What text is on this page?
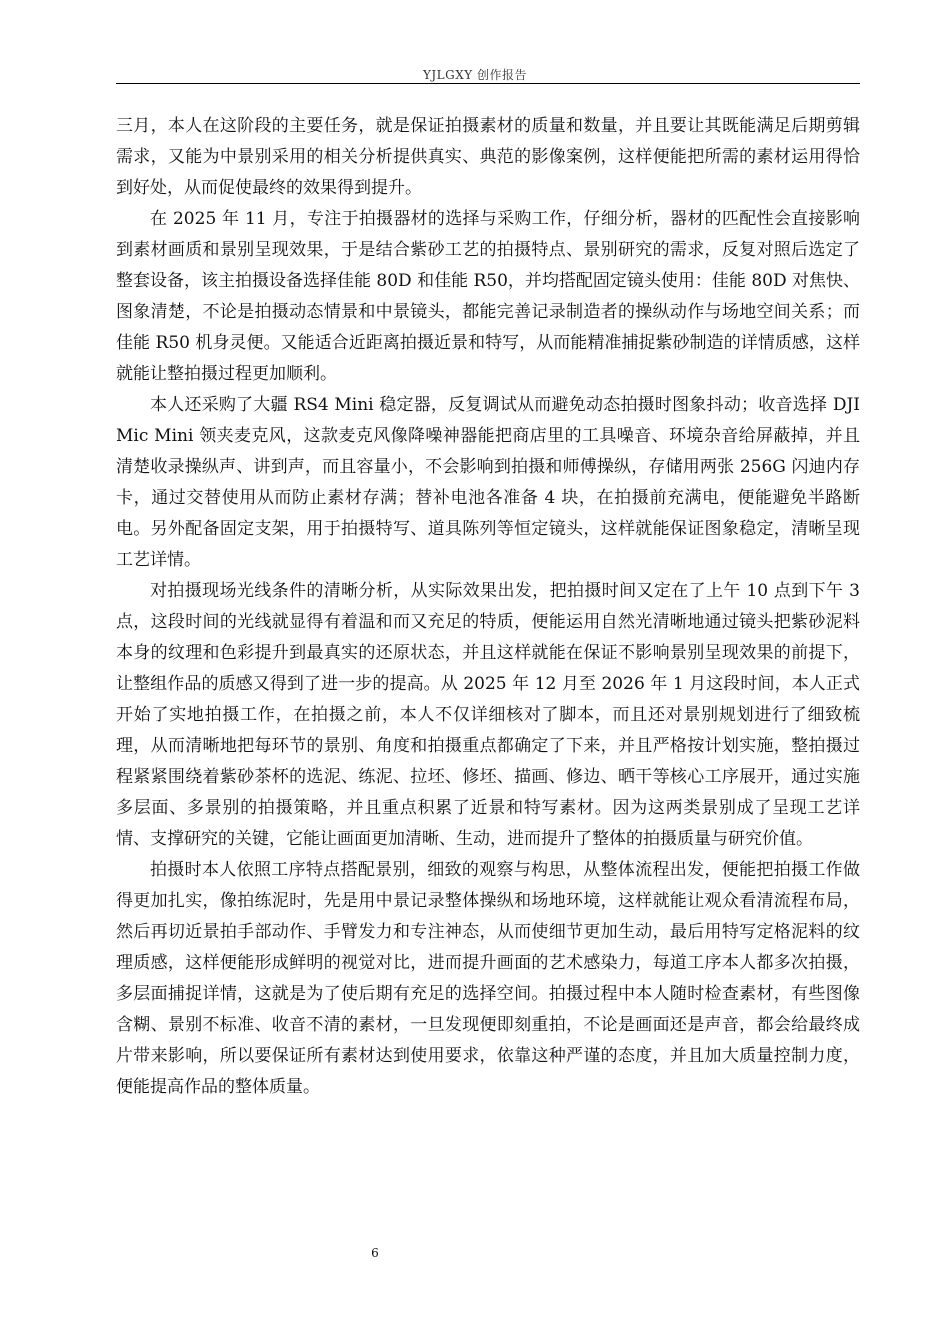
YJLGXY 创作报告

三月，本人在这阶段的主要任务，就是保证拍摄素材的质量和数量，并且要让其既能满足后期剪辑需求，又能为中景别采用的相关分析提供真实、典范的影像案例，这样便能把所需的素材运用得恰到好处，从而促使最终的效果得到提升。

在 2025 年 11 月，专注于拍摄器材的选择与采购工作，仔细分析，器材的匹配性会直接影响到素材画质和景别呈现效果，于是结合紫砂工艺的拍摄特点、景别研究的需求，反复对照后选定了整套设备，该主拍摄设备选择佳能 80D 和佳能 R50，并均搭配固定镜头使用：佳能 80D 对焦快、图象清楚，不论是拍摄动态情景和中景镜头，都能完善记录制造者的操纵动作与场地空间关系；而佳能 R50 机身灵便。又能适合近距离拍摄近景和特写，从而能精准捕捉紫砂制造的详情质感，这样就能让整拍摄过程更加顺利。

本人还采购了大疆 RS4 Mini 稳定器，反复调试从而避免动态拍摄时图象抖动；收音选择 DJI Mic Mini 领夹麦克风，这款麦克风像降噪神器能把商店里的工具噪音、环境杂音给屏蔽掉，并且清楚收录操纵声、讲到声，而且容量小，不会影响到拍摄和师傅操纵，存储用两张 256G 闪迪内存卡，通过交替使用从而防止素材存满；替补电池各准备 4 块，在拍摄前充满电，便能避免半路断电。另外配备固定支架，用于拍摄特写、道具陈列等恒定镜头，这样就能保证图象稳定，清晰呈现工艺详情。

对拍摄现场光线条件的清晰分析，从实际效果出发，把拍摄时间又定在了上午 10 点到下午 3 点，这段时间的光线就显得有着温和而又充足的特质，便能运用自然光清晰地通过镜头把紫砂泥料本身的纹理和色彩提升到最真实的还原状态，并且这样就能在保证不影响景别呈现效果的前提下，让整组作品的质感又得到了进一步的提高。从 2025 年 12 月至 2026 年 1 月这段时间，本人正式开始了实地拍摄工作，在拍摄之前，本人不仅详细核对了脚本，而且还对景别规划进行了细致梳理，从而清晰地把每环节的景别、角度和拍摄重点都确定了下来，并且严格按计划实施，整拍摄过程紧紧围绕着紫砂茶杯的选泥、练泥、拉坯、修坯、描画、修边、晒干等核心工序展开，通过实施多层面、多景别的拍摄策略，并且重点积累了近景和特写素材。因为这两类景别成了呈现工艺详情、支撑研究的关键，它能让画面更加清晰、生动，进而提升了整体的拍摄质量与研究价值。

拍摄时本人依照工序特点搭配景别，细致的观察与构思，从整体流程出发，便能把拍摄工作做得更加扎实，像拍练泥时，先是用中景记录整体操纵和场地环境，这样就能让观众看清流程布局，然后再切近景拍手部动作、手臂发力和专注神态，从而使细节更加生动，最后用特写定格泥料的纹理质感，这样便能形成鲜明的视觉对比，进而提升画面的艺术感染力，每道工序本人都多次拍摄，多层面捕捉详情，这就是为了使后期有充足的选择空间。拍摄过程中本人随时检查素材，有些图像含糊、景别不标准、收音不清的素材，一旦发现便即刻重拍，不论是画面还是声音，都会给最终成片带来影响，所以要保证所有素材达到使用要求，依靠这种严谨的态度，并且加大质量控制力度，便能提高作品的整体质量。

6
